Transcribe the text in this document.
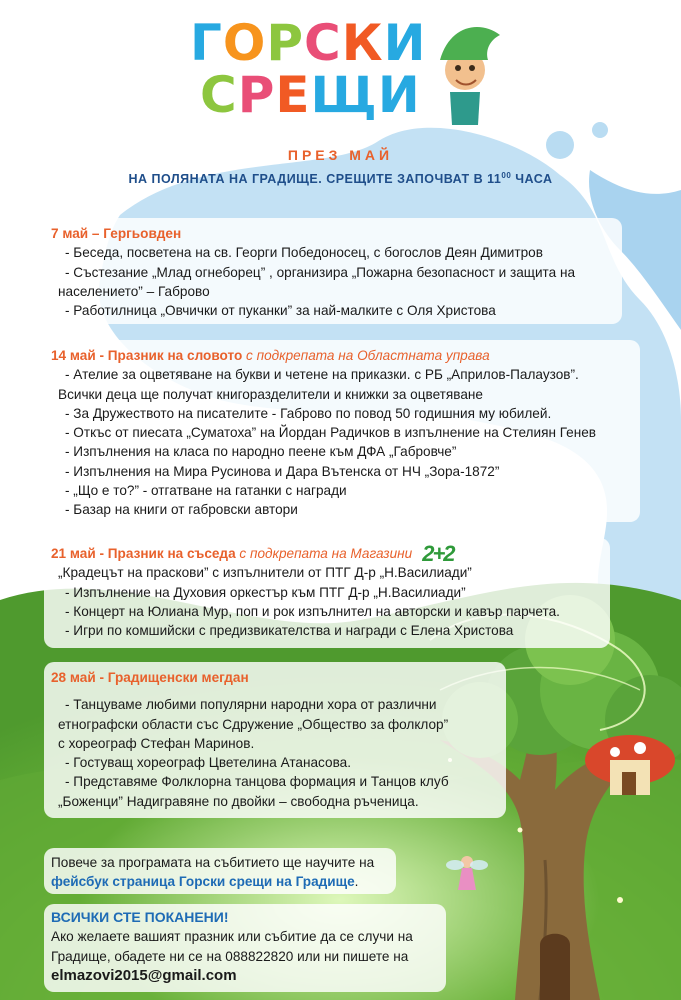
ГОРСКИ
СРЕЩИ
ПРЕЗ МАЙ
НА ПОЛЯНАТА НА ГРАДИЩЕ. СРЕЩИТЕ ЗАПОЧВАТ В $11^{00}$ ЧАСА
7 май – Гергьовден
- Беседа, посветена на св. Георги Победоносец, с богослов Деян Димитров
- Състезание „Млад огнеборец” , организира „Пожарна безопасност и защита на
населението” – Габрово
- Работилница „Овчички от пуканки” за най-малките с Оля Христова
14 май - Празник на словото с подкрепата на Областната управа
- Ателие за оцветяване на букви и четене на приказки. с РБ „Априлов-Палаузов”.
Всички деца ще получат книгоразделители и книжки за оцветяване
- За Дружеството на писателите - Габрово по повод 50 годишния му юбилей.
- Откъс от пиесата „Суматоха” на Йордан Радичков в изпълнение на Стелиян Генев
- Изпълнения на класа по народно пеене към ДФА „Габровче”
- Изпълнения на Мира Русинова и Дара Вътенска от НЧ „Зора-1872”
- „Що е то?” - отгатване на гатанки с награди
- Базар на книги от габровски автори
21 май - Празник на съседа с подкрепата на Магазини 2+2
„Крадецът на праскови” с изпълнители от ПТГ Д-р „Н.Василиади”
- Изпълнение на Духовия оркестър към ПТГ Д-р „Н.Василиади”
- Концерт на Юлиана Мур, поп и рок изпълнител на авторски и кавър парчета.
- Игри по комшийски с предизвикателства и награди с Елена Христова
28 май - Градищенски мегдан
- Танцуваме любими популярни народни хора от различни
етнографски области със Сдружение „Общество за фолклор”
с хореограф Стефан Маринов.
- Гостуващ хореограф Цветелина Атанасова.
- Представяме Фолклорна танцова формация и Танцов клуб
„Боженци” Надигравяне по двойки – свободна ръченица.
Повече за програмата на събитието ще научите на
фейсбук страница Горски срещи на Градище.
ВСИЧКИ СТЕ ПОКАНЕНИ!
Ако желаете вашият празник или събитие да се случи на
Градище, обадете ни се на 088822820 или ни пишете на
elmazovi2015@gmail.com
